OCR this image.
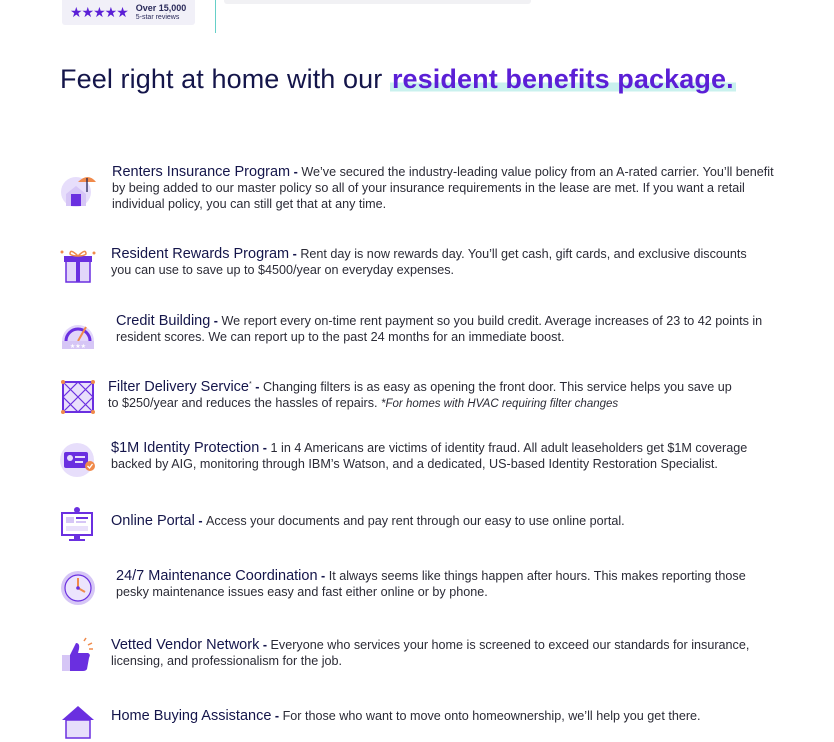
★★★★★ Over 15,000
5-star reviews
Feel right at home with our resident benefits package.

Renters Insurance Program - We’ve secured the industry-leading value policy from an A-rated carrier. You’ll benefit by being added to our master policy so all of your insurance requirements in the lease are met. If you want a retail individual policy, you can still get that at any time.

Resident Rewards Program - Rent day is now rewards day. You’ll get cash, gift cards, and exclusive discounts you can use to save up to $4500/year on everyday expenses.

★★★

Credit Building - We report every on-time rent payment so you build credit. Average increases of 23 to 42 points in resident scores. We can report up to the past 24 months for an immediate boost.

Filter Delivery Service* - Changing filters is as easy as opening the front door. This service helps you save up to $250/year and reduces the hassles of repairs. *For homes with HVAC requiring filter changes

$1M Identity Protection - 1 in 4 Americans are victims of identity fraud. All adult leaseholders get $1M coverage backed by AIG, monitoring through IBM’s Watson, and a dedicated, US-based Identity Restoration Specialist.

Online Portal - Access your documents and pay rent through our easy to use online portal.

24/7 Maintenance Coordination - It always seems like things happen after hours. This makes reporting those pesky maintenance issues easy and fast either online or by phone.

Vetted Vendor Network - Everyone who services your home is screened to exceed our standards for insurance, licensing, and professionalism for the job.

Home Buying Assistance - For those who want to move onto homeownership, we’ll help you get there.
